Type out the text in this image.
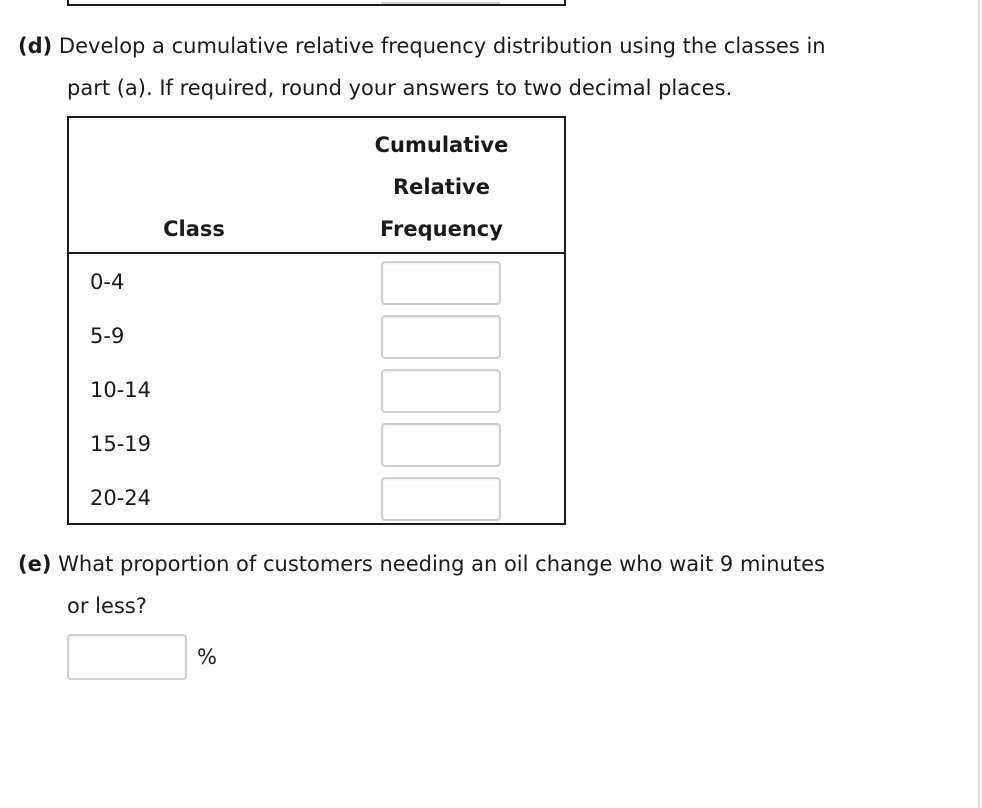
(d) Develop a cumulative relative frequency distribution using the classes in
part (a). If required, round your answers to two decimal places.

Class
Cumulative
Relative
Frequency
0-4
5-9
10-14
15-19
20-24

(e) What proportion of customers needing an oil change who wait 9 minutes
or less?

%
